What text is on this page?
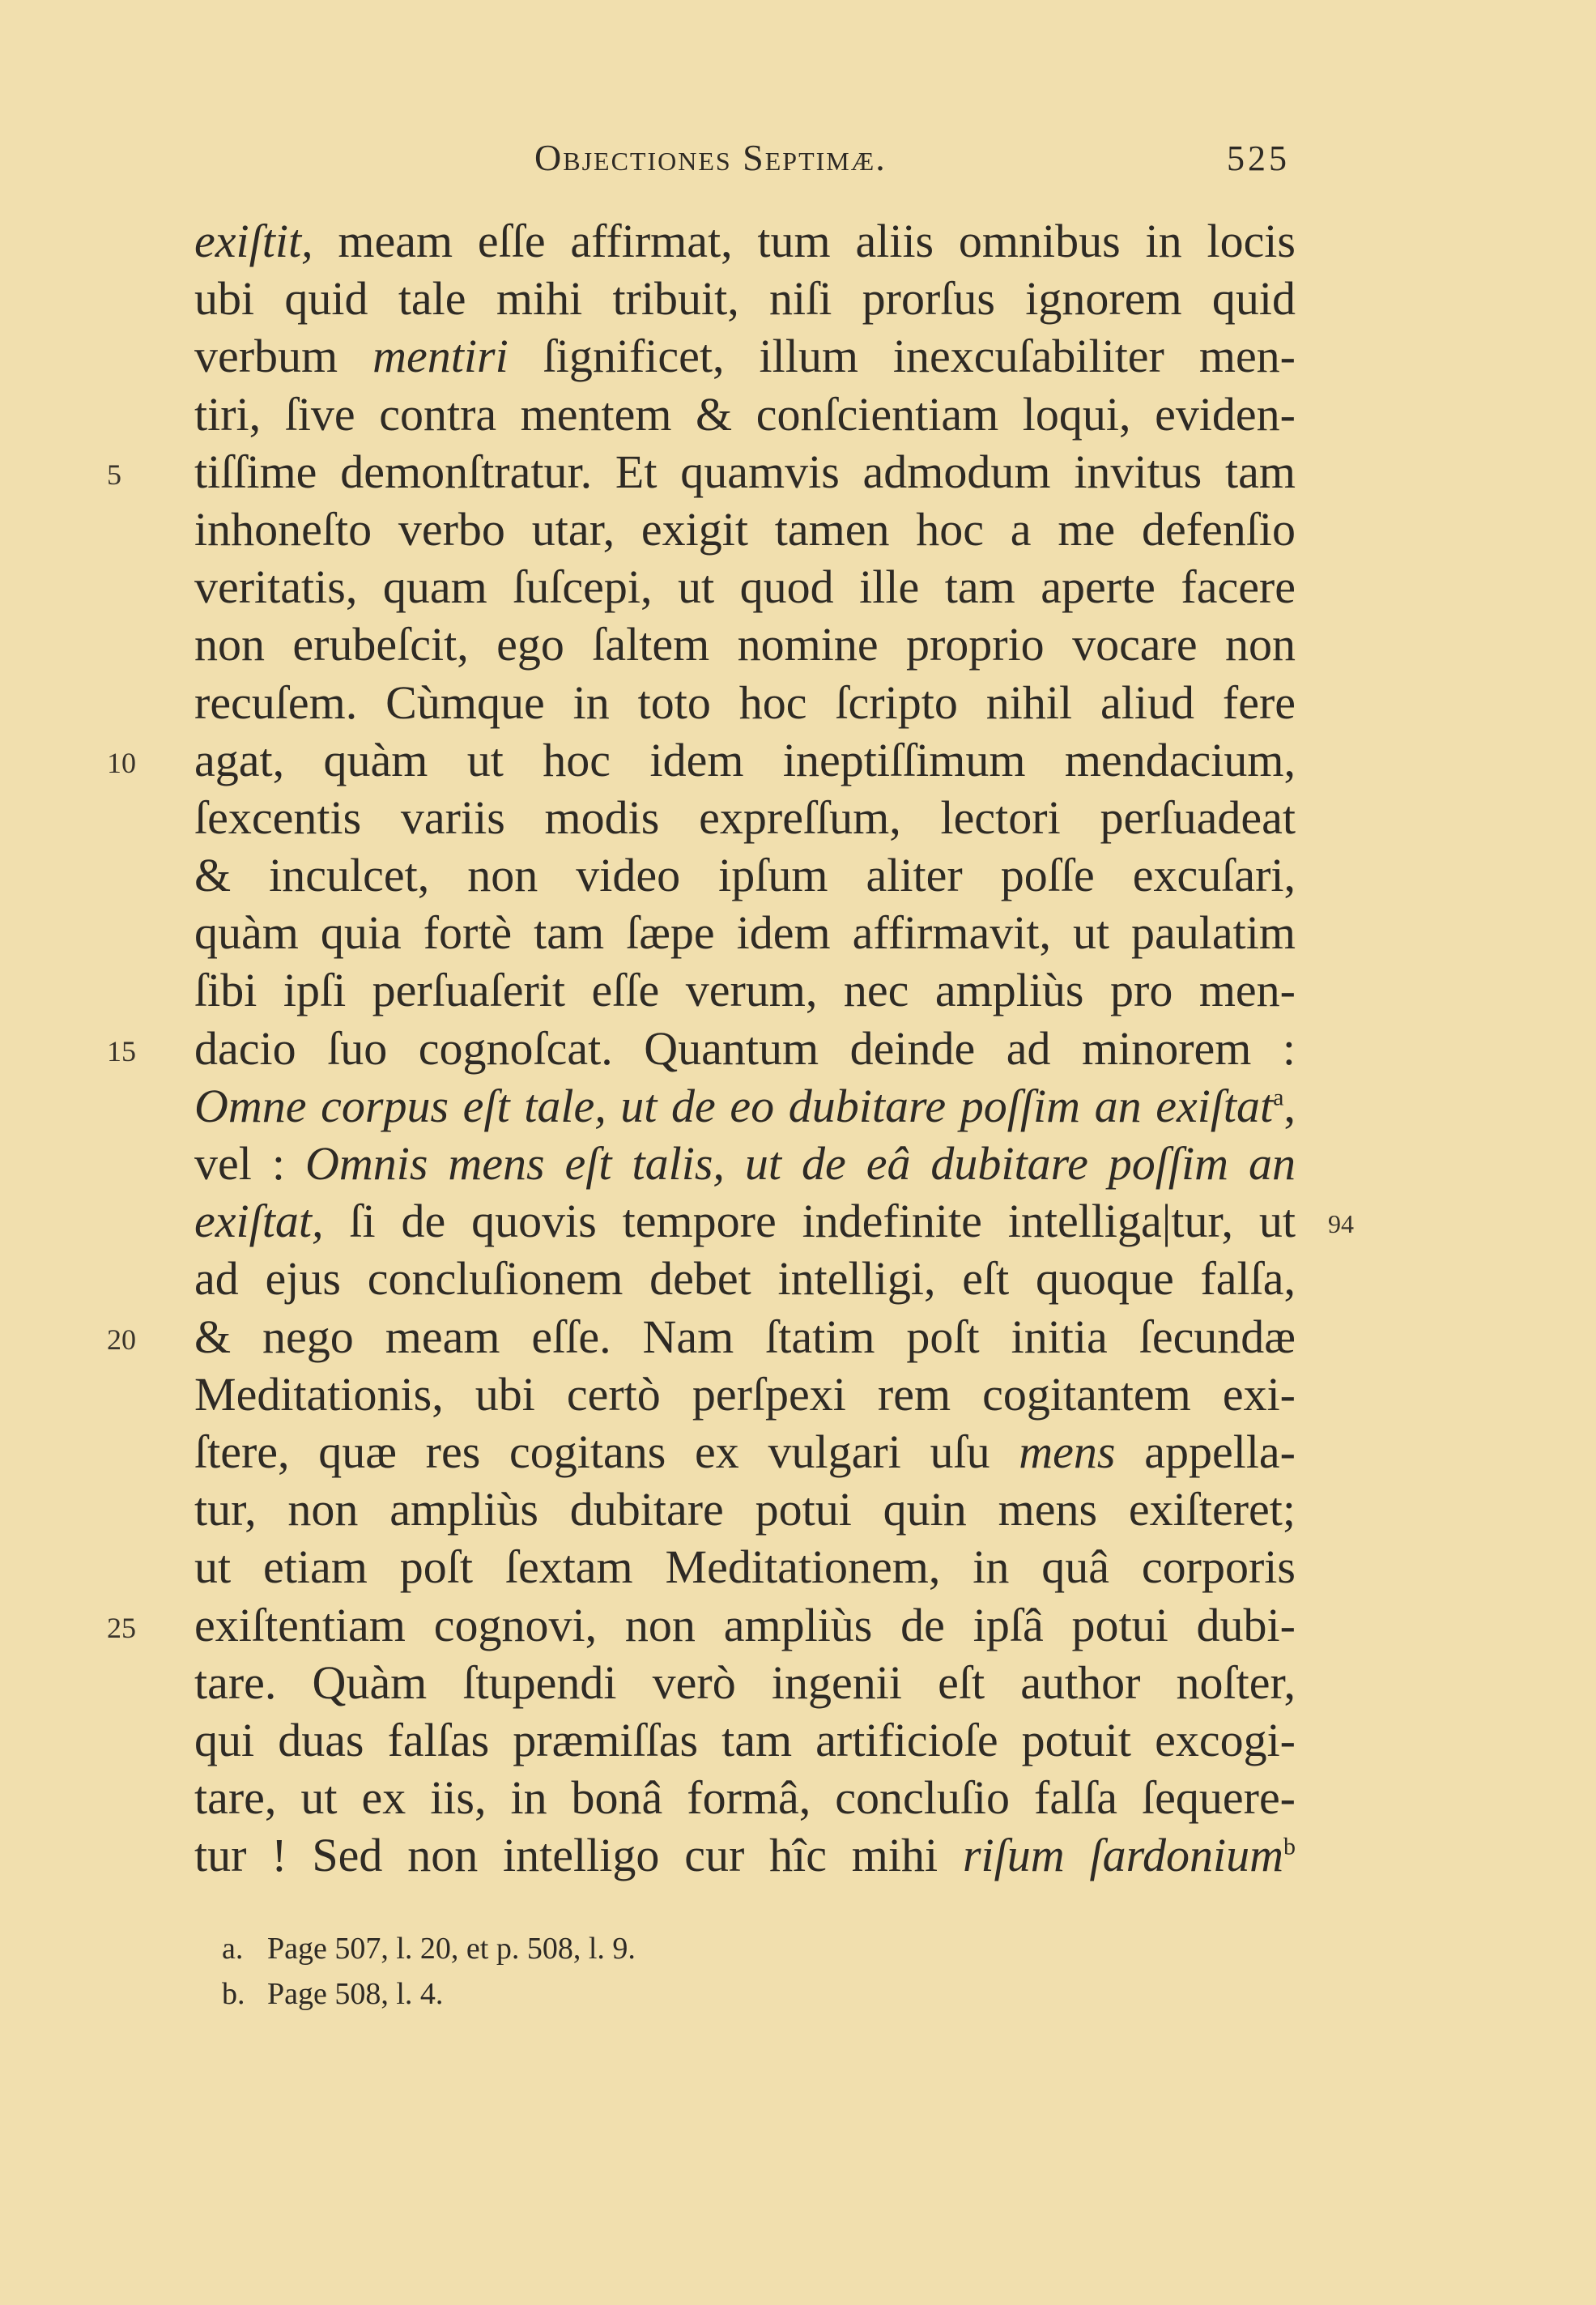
Objectiones Septimæ.	525
exiſtit, meam eſſe affirmat, tum aliis omnibus in locis
ubi quid tale mihi tribuit, niſi prorſus ignorem quid
verbum mentiri ſignificet, illum inexcuſabiliter men-
tiri, ſive contra mentem & conſcientiam loqui, eviden-
5	tiſſime demonſtratur. Et quamvis admodum invitus tam
inhoneſto verbo utar, exigit tamen hoc a me defenſio
veritatis, quam ſuſcepi, ut quod ille tam aperte facere
non erubeſcit, ego ſaltem nomine proprio vocare non
recuſem. Cùmque in toto hoc ſcripto nihil aliud fere
10	agat, quàm ut hoc idem ineptiſſimum mendacium,
ſexcentis variis modis expreſſum, lectori perſuadeat
& inculcet, non video ipſum aliter poſſe excuſari,
quàm quia fortè tam ſæpe idem affirmavit, ut paulatim
ſibi ipſi perſuaſerit eſſe verum, nec ampliùs pro men-
15	dacio ſuo cognoſcat. Quantum deinde ad minorem :
Omne corpus eſt tale, ut de eo dubitare poſſim an exiſtat$^a$,
vel : Omnis mens eſt talis, ut de eâ dubitare poſſim an
exiſtat, ſi de quovis tempore indefinite intelliga|tur, ut 94
ad ejus concluſionem debet intelligi, eſt quoque falſa,
20	& nego meam eſſe. Nam ſtatim poſt initia ſecundæ
Meditationis, ubi certò perſpexi rem cogitantem exi-
ſtere, quæ res cogitans ex vulgari uſu mens appella-
tur, non ampliùs dubitare potui quin mens exiſteret;
ut etiam poſt ſextam Meditationem, in quâ corporis
25	exiſtentiam cognovi, non ampliùs de ipſâ potui dubi-
tare. Quàm ſtupendi verò ingenii eſt author noſter,
qui duas falſas præmiſſas tam artificioſe potuit excogi-
tare, ut ex iis, in bonâ formâ, concluſio falſa ſequere-
tur ! Sed non intelligo cur hîc mihi riſum ſardonium$^b$
a. Page 507, l. 20, et p. 508, l. 9.
b. Page 508, l. 4.
